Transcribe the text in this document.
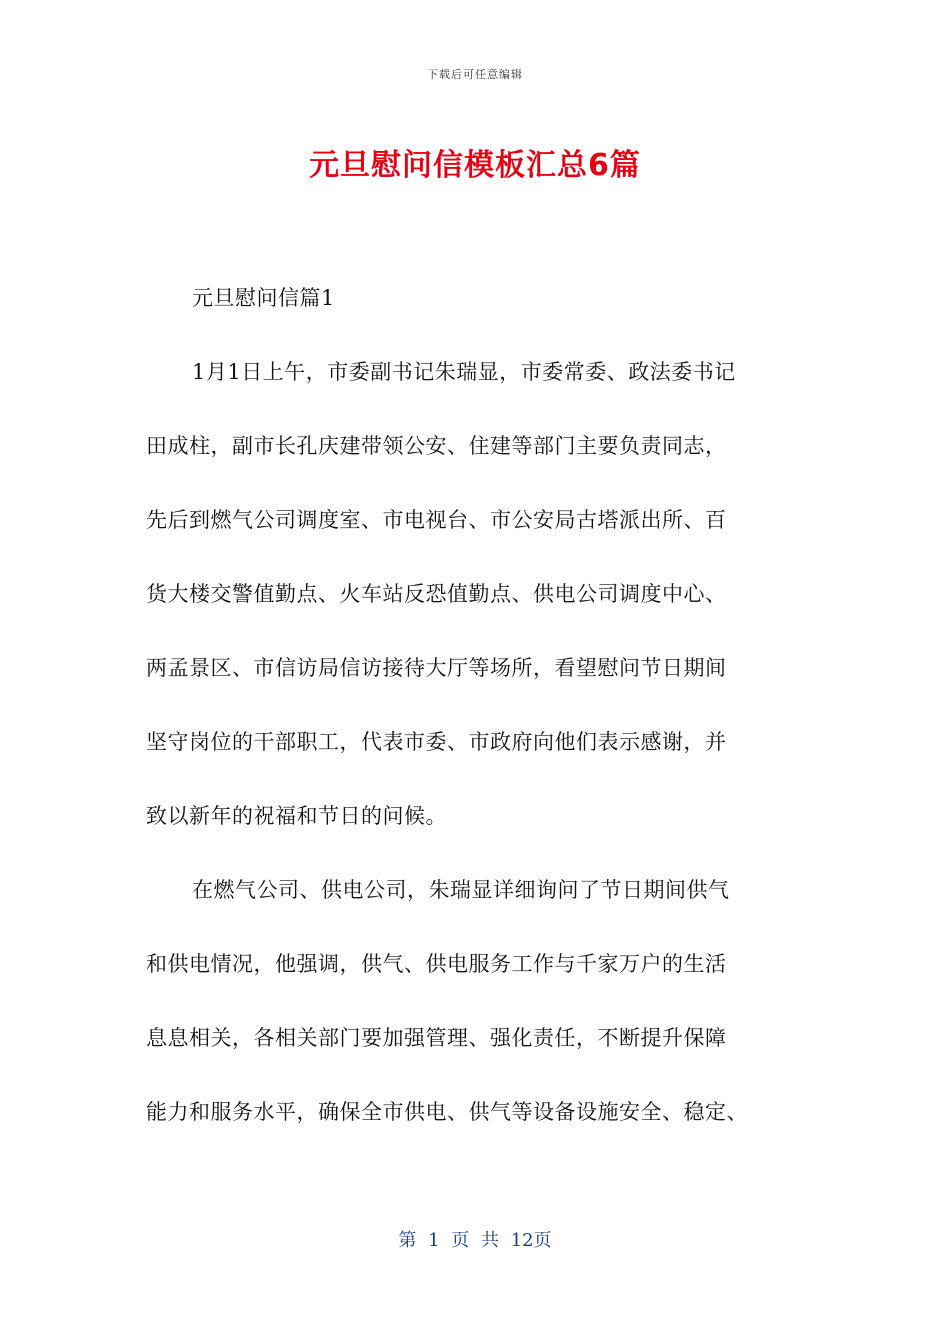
下载后可任意编辑
元旦慰问信模板汇总6篇
元旦慰问信篇1
1月1日上午，市委副书记朱瑞显，市委常委、政法委书记
田成柱，副市长孔庆建带领公安、住建等部门主要负责同志，
先后到燃气公司调度室、市电视台、市公安局古塔派出所、百
货大楼交警值勤点、火车站反恐值勤点、供电公司调度中心、
两孟景区、市信访局信访接待大厅等场所，看望慰问节日期间
坚守岗位的干部职工，代表市委、市政府向他们表示感谢，并
致以新年的祝福和节日的问候。
在燃气公司、供电公司，朱瑞显详细询问了节日期间供气
和供电情况，他强调，供气、供电服务工作与千家万户的生活
息息相关，各相关部门要加强管理、强化责任，不断提升保障
能力和服务水平，确保全市供电、供气等设备设施安全、稳定、
第 1 页 共 12页
